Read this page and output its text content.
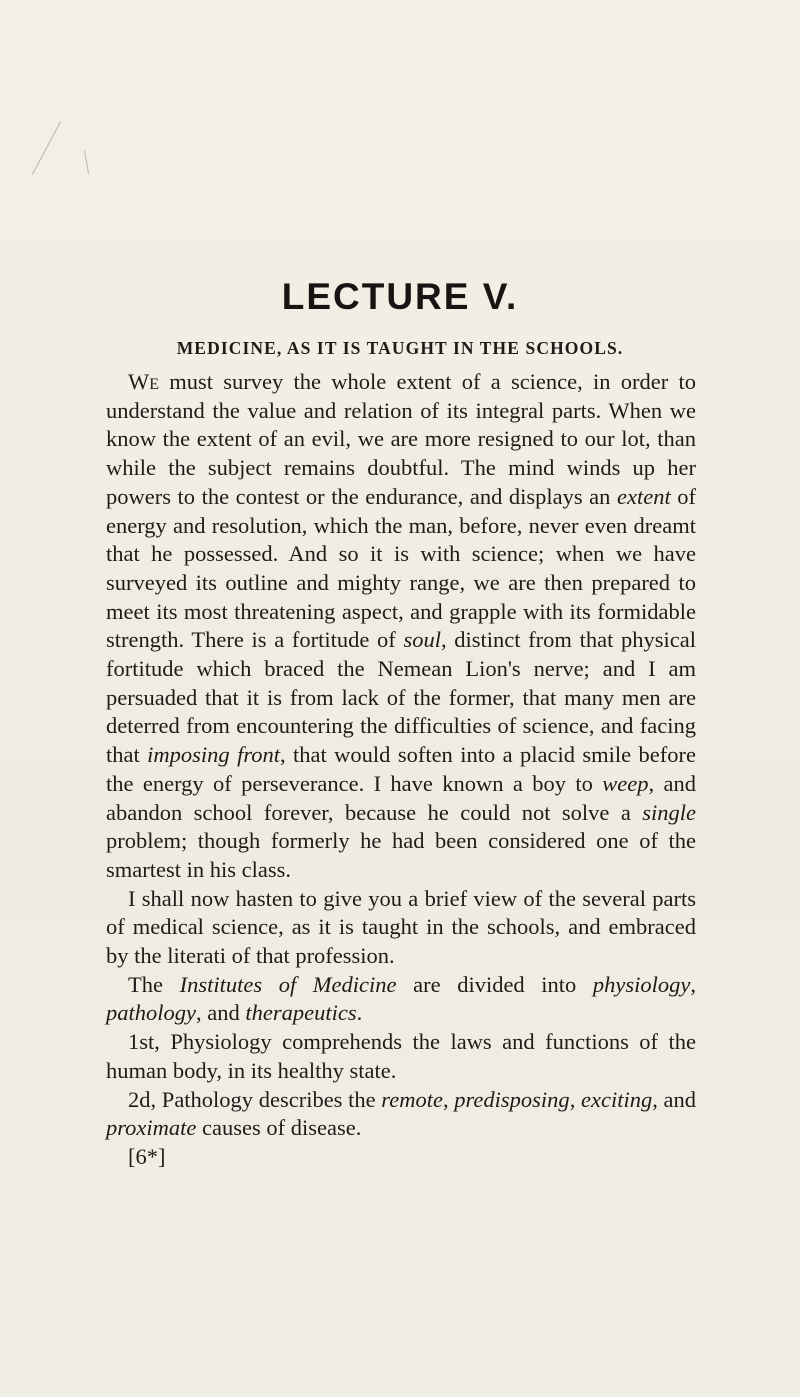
LECTURE V.
MEDICINE, AS IT IS TAUGHT IN THE SCHOOLS.

We must survey the whole extent of a science, in order to understand the value and relation of its integral parts. When we know the extent of an evil, we are more resigned to our lot, than while the subject remains doubtful. The mind winds up her powers to the contest or the endurance, and displays an extent of energy and resolution, which the man, before, never even dreamt that he possessed. And so it is with science; when we have surveyed its outline and mighty range, we are then prepared to meet its most threatening aspect, and grapple with its formidable strength. There is a fortitude of soul, distinct from that physical fortitude which braced the Nemean Lion's nerve; and I am persuaded that it is from lack of the former, that many men are deterred from encountering the difficulties of science, and facing that imposing front, that would soften into a placid smile before the energy of perseverance. I have known a boy to weep, and abandon school forever, because he could not solve a single problem; though formerly he had been considered one of the smartest in his class.

I shall now hasten to give you a brief view of the several parts of medical science, as it is taught in the schools, and embraced by the literati of that profession.

The Institutes of Medicine are divided into physiology, pathology, and therapeutics.

1st, Physiology comprehends the laws and functions of the human body, in its healthy state.

2d, Pathology describes the remote, predisposing, exciting, and proximate causes of disease.

[6*]
